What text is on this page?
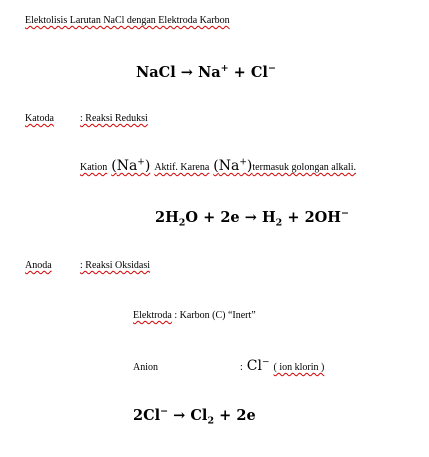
Elektolisis Larutan NaCl dengan Elektroda Karbon
NaCl → Na+ + Cl−
Katoda	: Reaksi Reduksi
Kation (Na+) Aktif. Karena (Na+)termasuk golongan alkali.
$2H_2O + 2e \to H_2 + 2OH^-$
Anoda	: Reaksi Oksidasi
Elektroda : Karbon (C) “Inert”
Anion	: Cl− ( ion klorin )
$2Cl^- \to Cl_2 + 2e$
